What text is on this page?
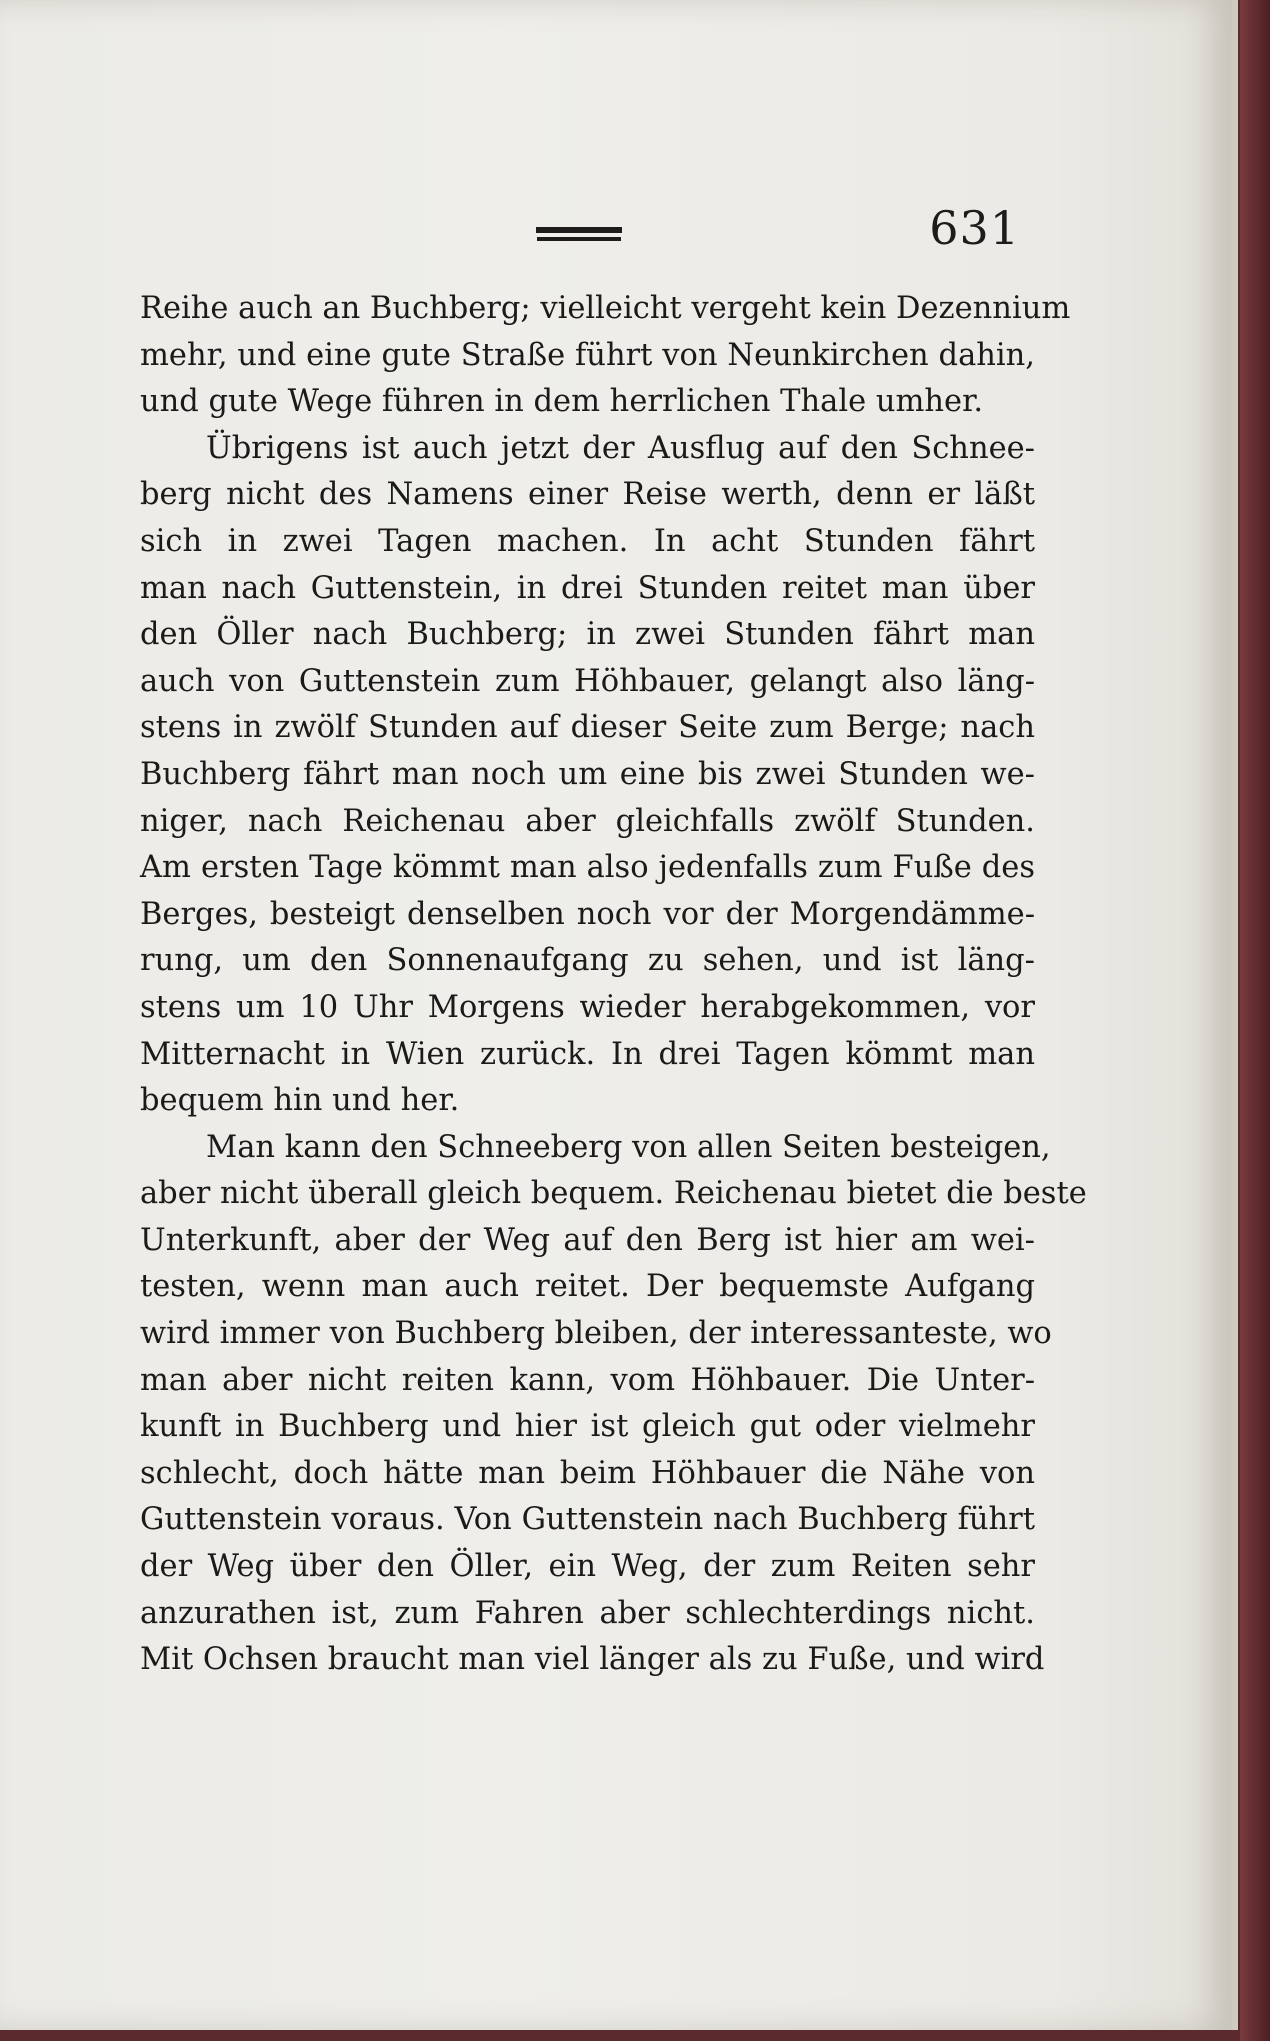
631
Reihe auch an Buchberg; vielleicht vergeht kein Dezennium
mehr, und eine gute Straße führt von Neunkirchen dahin,
und gute Wege führen in dem herrlichen Thale umher.
Übrigens ist auch jetzt der Ausflug auf den Schnee-
berg nicht des Namens einer Reise werth, denn er läßt
sich in zwei Tagen machen. In acht Stunden fährt
man nach Guttenstein, in drei Stunden reitet man über
den Öller nach Buchberg; in zwei Stunden fährt man
auch von Guttenstein zum Höhbauer, gelangt also läng-
stens in zwölf Stunden auf dieser Seite zum Berge; nach
Buchberg fährt man noch um eine bis zwei Stunden we-
niger, nach Reichenau aber gleichfalls zwölf Stunden.
Am ersten Tage kömmt man also jedenfalls zum Fuße des
Berges, besteigt denselben noch vor der Morgendämme-
rung, um den Sonnenaufgang zu sehen, und ist läng-
stens um 10 Uhr Morgens wieder herabgekommen, vor
Mitternacht in Wien zurück. In drei Tagen kömmt man
bequem hin und her.
Man kann den Schneeberg von allen Seiten besteigen,
aber nicht überall gleich bequem. Reichenau bietet die beste
Unterkunft, aber der Weg auf den Berg ist hier am wei-
testen, wenn man auch reitet. Der bequemste Aufgang
wird immer von Buchberg bleiben, der interessanteste, wo
man aber nicht reiten kann, vom Höhbauer. Die Unter-
kunft in Buchberg und hier ist gleich gut oder vielmehr
schlecht, doch hätte man beim Höhbauer die Nähe von
Guttenstein voraus. Von Guttenstein nach Buchberg führt
der Weg über den Öller, ein Weg, der zum Reiten sehr
anzurathen ist, zum Fahren aber schlechterdings nicht.
Mit Ochsen braucht man viel länger als zu Fuße, und wird
